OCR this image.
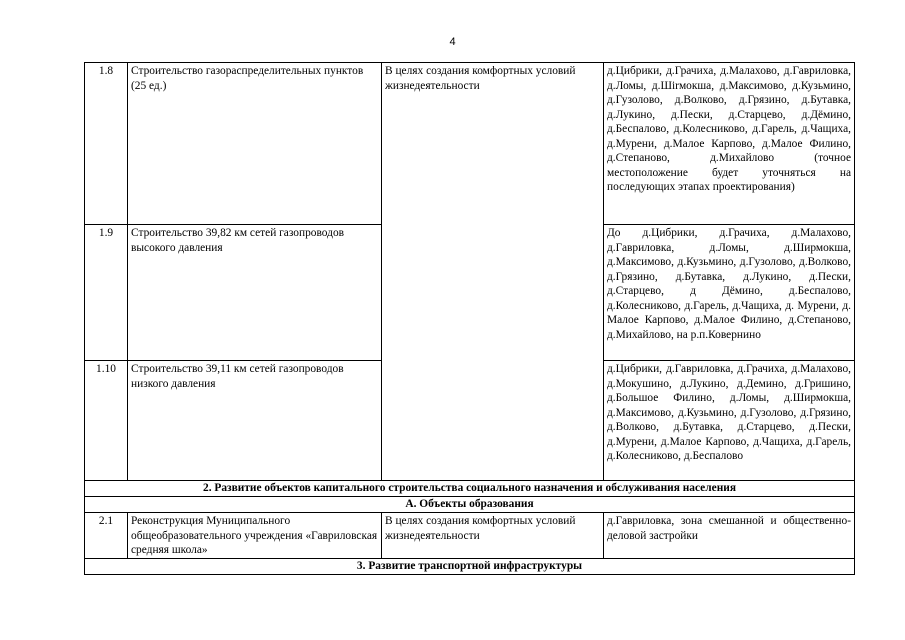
4
1.8	Строительство газораспределительных пунктов (25 ед.)	В целях создания комфортных условий жизнедеятельности	д.Цибрики, д.Грачиха, д.Малахово, д.Гавриловка, д.Ломы, д.Шirмокша, д.Максимово, д.Кузьмино, д.Гузолово, д.Волково, д.Грязино, д.Бутавка, д.Лукино, д.Пески, д.Старцево, д.Дёмино, д.Беспалово, д.Колесниково, д.Гарель, д.Чащиха, д.Мурени, д.Малое Карпово, д.Малое Филино, д.Степаново, д.Михайлово (точное местоположение будет уточняться на последующих этапах проектирования)
1.9	Строительство 39,82 км сетей газопроводов высокого давления		До д.Цибрики, д.Грачиха, д.Малахово, д.Гавриловка, д.Ломы, д.Ширмокша, д.Максимово, д.Кузьмино, д.Гузолово, д.Волково, д.Грязино, д.Бутавка, д.Лукино, д.Пески, д.Старцево, д Дёмино, д.Беспалово, д.Колесниково, д.Гарель, д.Чащиха, д. Мурени, д. Малое Карпово, д.Малое Филино, д.Степаново, д.Михайлово, на р.п.Ковернино
1.10	Строительство 39,11 км сетей газопроводов низкого давления		д.Цибрики, д.Гавриловка, д.Грачиха, д.Малахово, д.Мокушино, д.Лукино, д.Демино, д.Гришино, д.Большое Филино, д.Ломы, д.Ширмокша, д.Максимово, д.Кузьмино, д.Гузолово, д.Грязино, д.Волково, д.Бутавка, д.Старцево, д.Пески, д.Мурени, д.Малое Карпово, д.Чащиха, д.Гарель, д.Колесниково, д.Беспалово
2. Развитие объектов капитального строительства социального назначения и обслуживания населения			
А. Объекты образования			
2.1	Реконструкция Муниципального общеобразовательного учреждения «Гавриловская средняя школа»	В целях создания комфортных условий жизнедеятельности	д.Гавриловка, зона смешанной и общественно-деловой застройки
3. Развитие транспортной инфраструктуры			
